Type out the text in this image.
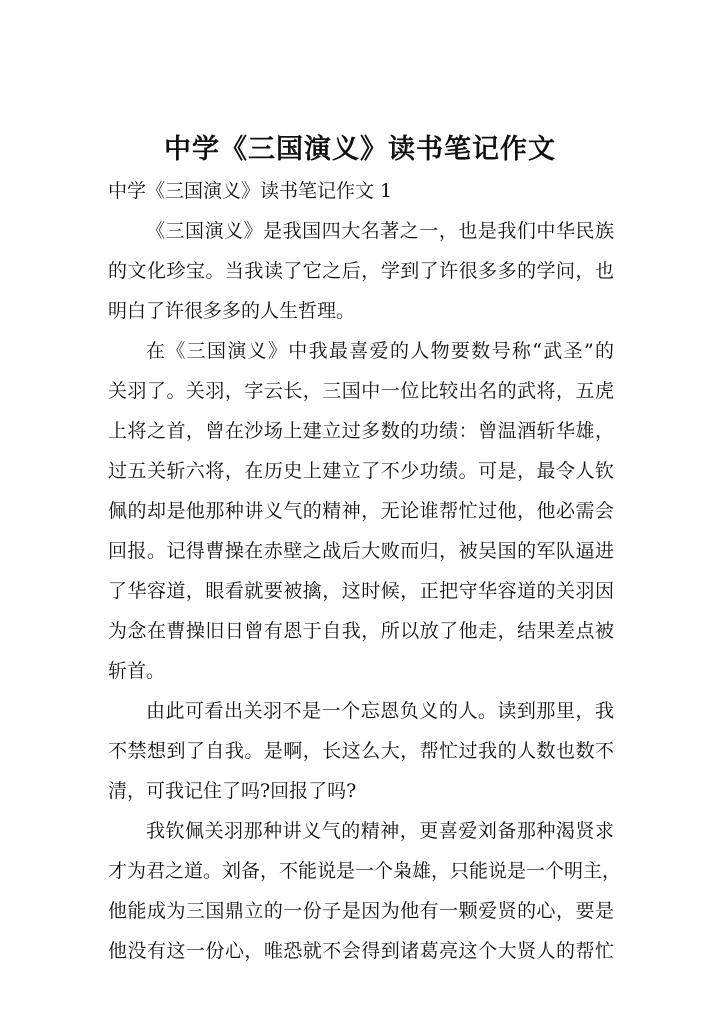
中学《三国演义》读书笔记作文

中学《三国演义》读书笔记作文 1

《三国演义》是我国四大名著之一，也是我们中华民族
的文化珍宝。当我读了它之后，学到了许很多多的学问，也
明白了许很多多的人生哲理。

在《三国演义》中我最喜爱的人物要数号称“武圣”的
关羽了。关羽，字云长，三国中一位比较出名的武将，五虎
上将之首，曾在沙场上建立过多数的功绩：曾温酒斩华雄，
过五关斩六将，在历史上建立了不少功绩。可是，最令人钦
佩的却是他那种讲义气的精神，无论谁帮忙过他，他必需会
回报。记得曹操在赤壁之战后大败而归，被吴国的军队逼进
了华容道，眼看就要被擒，这时候，正把守华容道的关羽因
为念在曹操旧日曾有恩于自我，所以放了他走，结果差点被
斩首。

由此可看出关羽不是一个忘恩负义的人。读到那里，我
不禁想到了自我。是啊，长这么大，帮忙过我的人数也数不
清，可我记住了吗?回报了吗?

我钦佩关羽那种讲义气的精神，更喜爱刘备那种渴贤求
才为君之道。刘备，不能说是一个枭雄，只能说是一个明主，
他能成为三国鼎立的一份子是因为他有一颗爱贤的心，要是
他没有这一份心，唯恐就不会得到诸葛亮这个大贤人的帮忙
